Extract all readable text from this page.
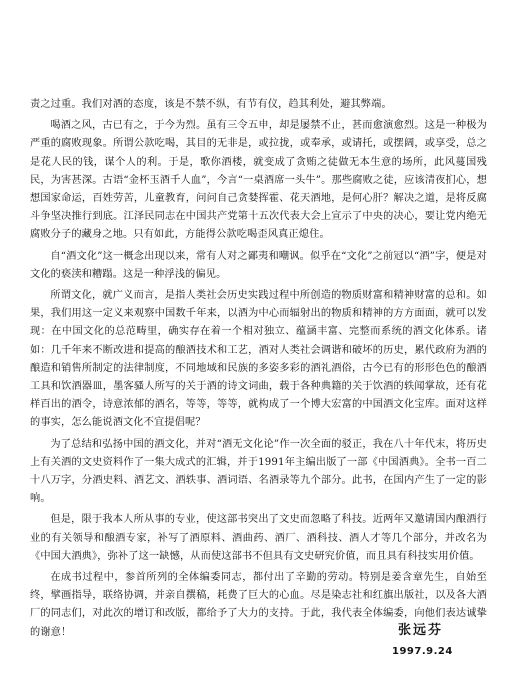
责之过重。我们对酒的态度，该是不禁不纵，有节有仪，趋其利处，避其弊端。

喝酒之风，古已有之，于今为烈。虽有三令五申，却是屡禁不止，甚而愈演愈烈。这是一种极为严重的腐败现象。所谓公款吃喝，其目的无非是，或拉拢，或奉承，或请托，或摆阔，或享受，总之是花人民的钱，谋个人的利。于是，歌你酒楼，就变成了贪贿之徒做无本生意的场所，此风蔓国残民，为害甚深。古语“金杯玉酒千人血”，今言“一桌酒席一头牛”。那些腐败之徒，应该清夜扪心，想想国家命运，百姓劳苦，儿童教育，问问自己贪婪挥霍、花天酒地，是何心肝？解决之道，是将反腐斗争坚决推行到底。江泽民同志在中国共产党第十五次代表大会上宣示了中央的决心，要让党内绝无腐败分子的藏身之地。只有如此，方能得公款吃喝歪风真正熄住。

自“酒文化”这一概念出现以来，常有人对之鄙夷和嘲讽。似乎在“文化”之前冠以“酒”字，便是对文化的亵渎和糟蹋。这是一种浮浅的偏见。

所谓文化，就广义而言，是指人类社会历史实践过程中所创造的物质财富和精神财富的总和。如果，我们用这一定义来观察中国数千年来，以酒为中心而辐射出的物质和精神的方方面面，就可以发现：在中国文化的总范畴里，确实存在着一个相对独立、蕴涵丰富、完整而系统的酒文化体系。诸如：几千年来不断改进和提高的酿酒技术和工艺，酒对人类社会调谐和破坏的历史，累代政府为酒的酿造和销售所制定的法律制度，不同地域和民族的多姿多彩的酒礼酒俗，古今已有的形形色色的酿酒工具和饮酒器皿，墨客骚人所写的关于酒的诗文词曲，载于各种典籍的关于饮酒的轶闻掌故，还有花样百出的酒令，诗意浓郁的酒名，等等，等等，就构成了一个博大宏富的中国酒文化宝库。面对这样的事实，怎么能说酒文化不宜提倡呢？

为了总结和弘扬中国的酒文化，并对“酒无文化论”作一次全面的驳正，我在八十年代末，将历史上有关酒的文史资料作了一集大成式的汇辑，并于1991年主编出版了一部《中国酒典》。全书一百二十八万字，分酒史料、酒艺文、酒轶事、酒词语、名酒录等九个部分。此书，在国内产生了一定的影响。

但是，限于我本人所从事的专业，使这部书突出了文史而忽略了科技。近两年又邀请国内酿酒行业的有关领导和酿酒专家，补写了酒原料、酒曲药、酒厂、酒科技、酒人才等几个部分，并改名为《中国大酒典》，弥补了这一缺憾，从而使这部书不但具有文史研究价值，而且具有科技实用价值。

在成书过程中，参首所列的全体编委同志，都付出了辛勤的劳动。特别是姜含章先生，自始至终，擘画指导，联络协调，并亲自撰稿，耗费了巨大的心血。尽是染志社和红旗出版社，以及各大酒厂的同志们，对此次的增订和改版，都给予了大力的支持。于此，我代表全体编委，向他们表达诚挚的谢意！	张远芬
1997.9.24
